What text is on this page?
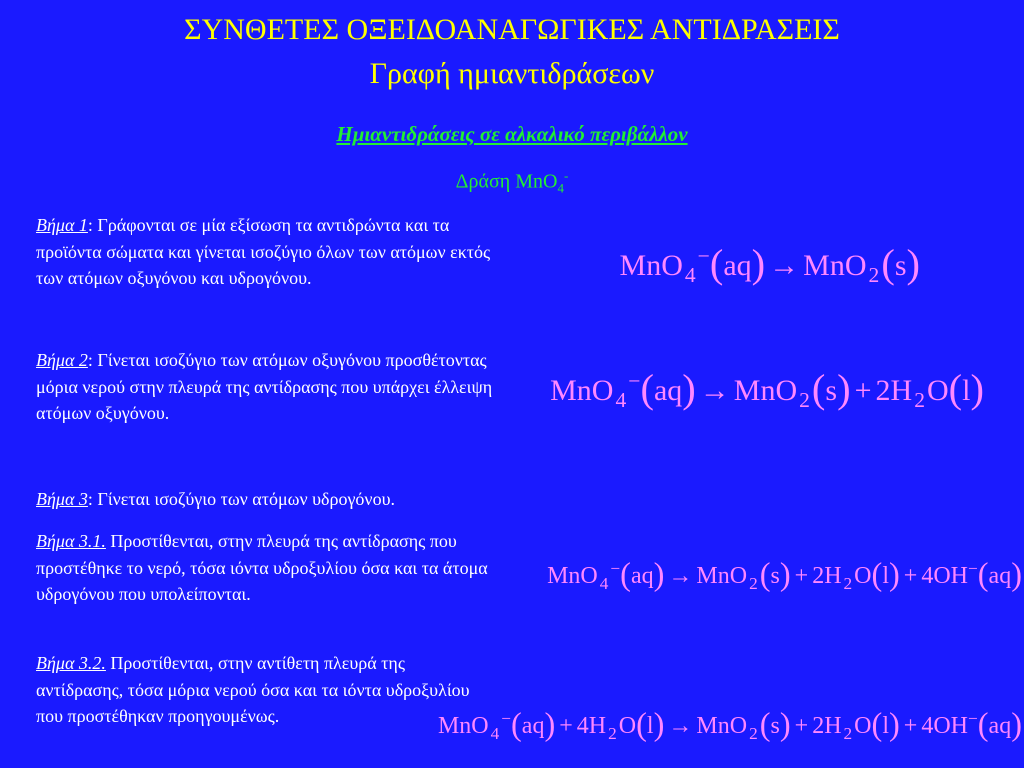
ΣΥΝΘΕΤΕΣ ΟΞΕΙΔΟΑΝΑΓΩΓΙΚΕΣ ΑΝΤΙΔΡΑΣΕΙΣ
Γραφή ημιαντιδράσεων
Ημιαντιδράσεις σε αλκαλικό περιβάλλον
Δράση MnO$_4$-
Βήμα 1: Γράφονται σε μία εξίσωση τα αντιδρώντα και τα προϊόντα σώματα και γίνεται ισοζύγιο όλων των ατόμων εκτός των ατόμων οξυγόνου και υδρογόνου.
Βήμα 2: Γίνεται ισοζύγιο των ατόμων οξυγόνου προσθέτοντας μόρια νερού στην πλευρά της αντίδρασης που υπάρχει έλλειψη ατόμων οξυγόνου.
Βήμα 3: Γίνεται ισοζύγιο των ατόμων υδρογόνου.
Βήμα 3.1. Προστίθενται, στην πλευρά της αντίδρασης που προστέθηκε το νερό, τόσα ιόντα υδροξυλίου όσα και τα άτομα υδρογόνου που υπολείπονται.
Βήμα 3.2. Προστίθενται, στην αντίθετη πλευρά της αντίδρασης, τόσα μόρια νερού όσα και τα ιόντα υδροξυλίου που προστέθηκαν προηγουμένως.
MnO$_4$−(aq) → MnO$_2$(s)
$MnO_4^-(aq) \to MnO_2(s) + 2H_2O(l)$
MnO $_4$−(aq) → MnO $_2$(s) + 2H $_2$O(l) + 4OH−(aq)
MnO $_4$−(aq) + 4H $_2$O(l) → MnO $_2$(s) + 2H $_2$O(l) + 4OH−(aq)
